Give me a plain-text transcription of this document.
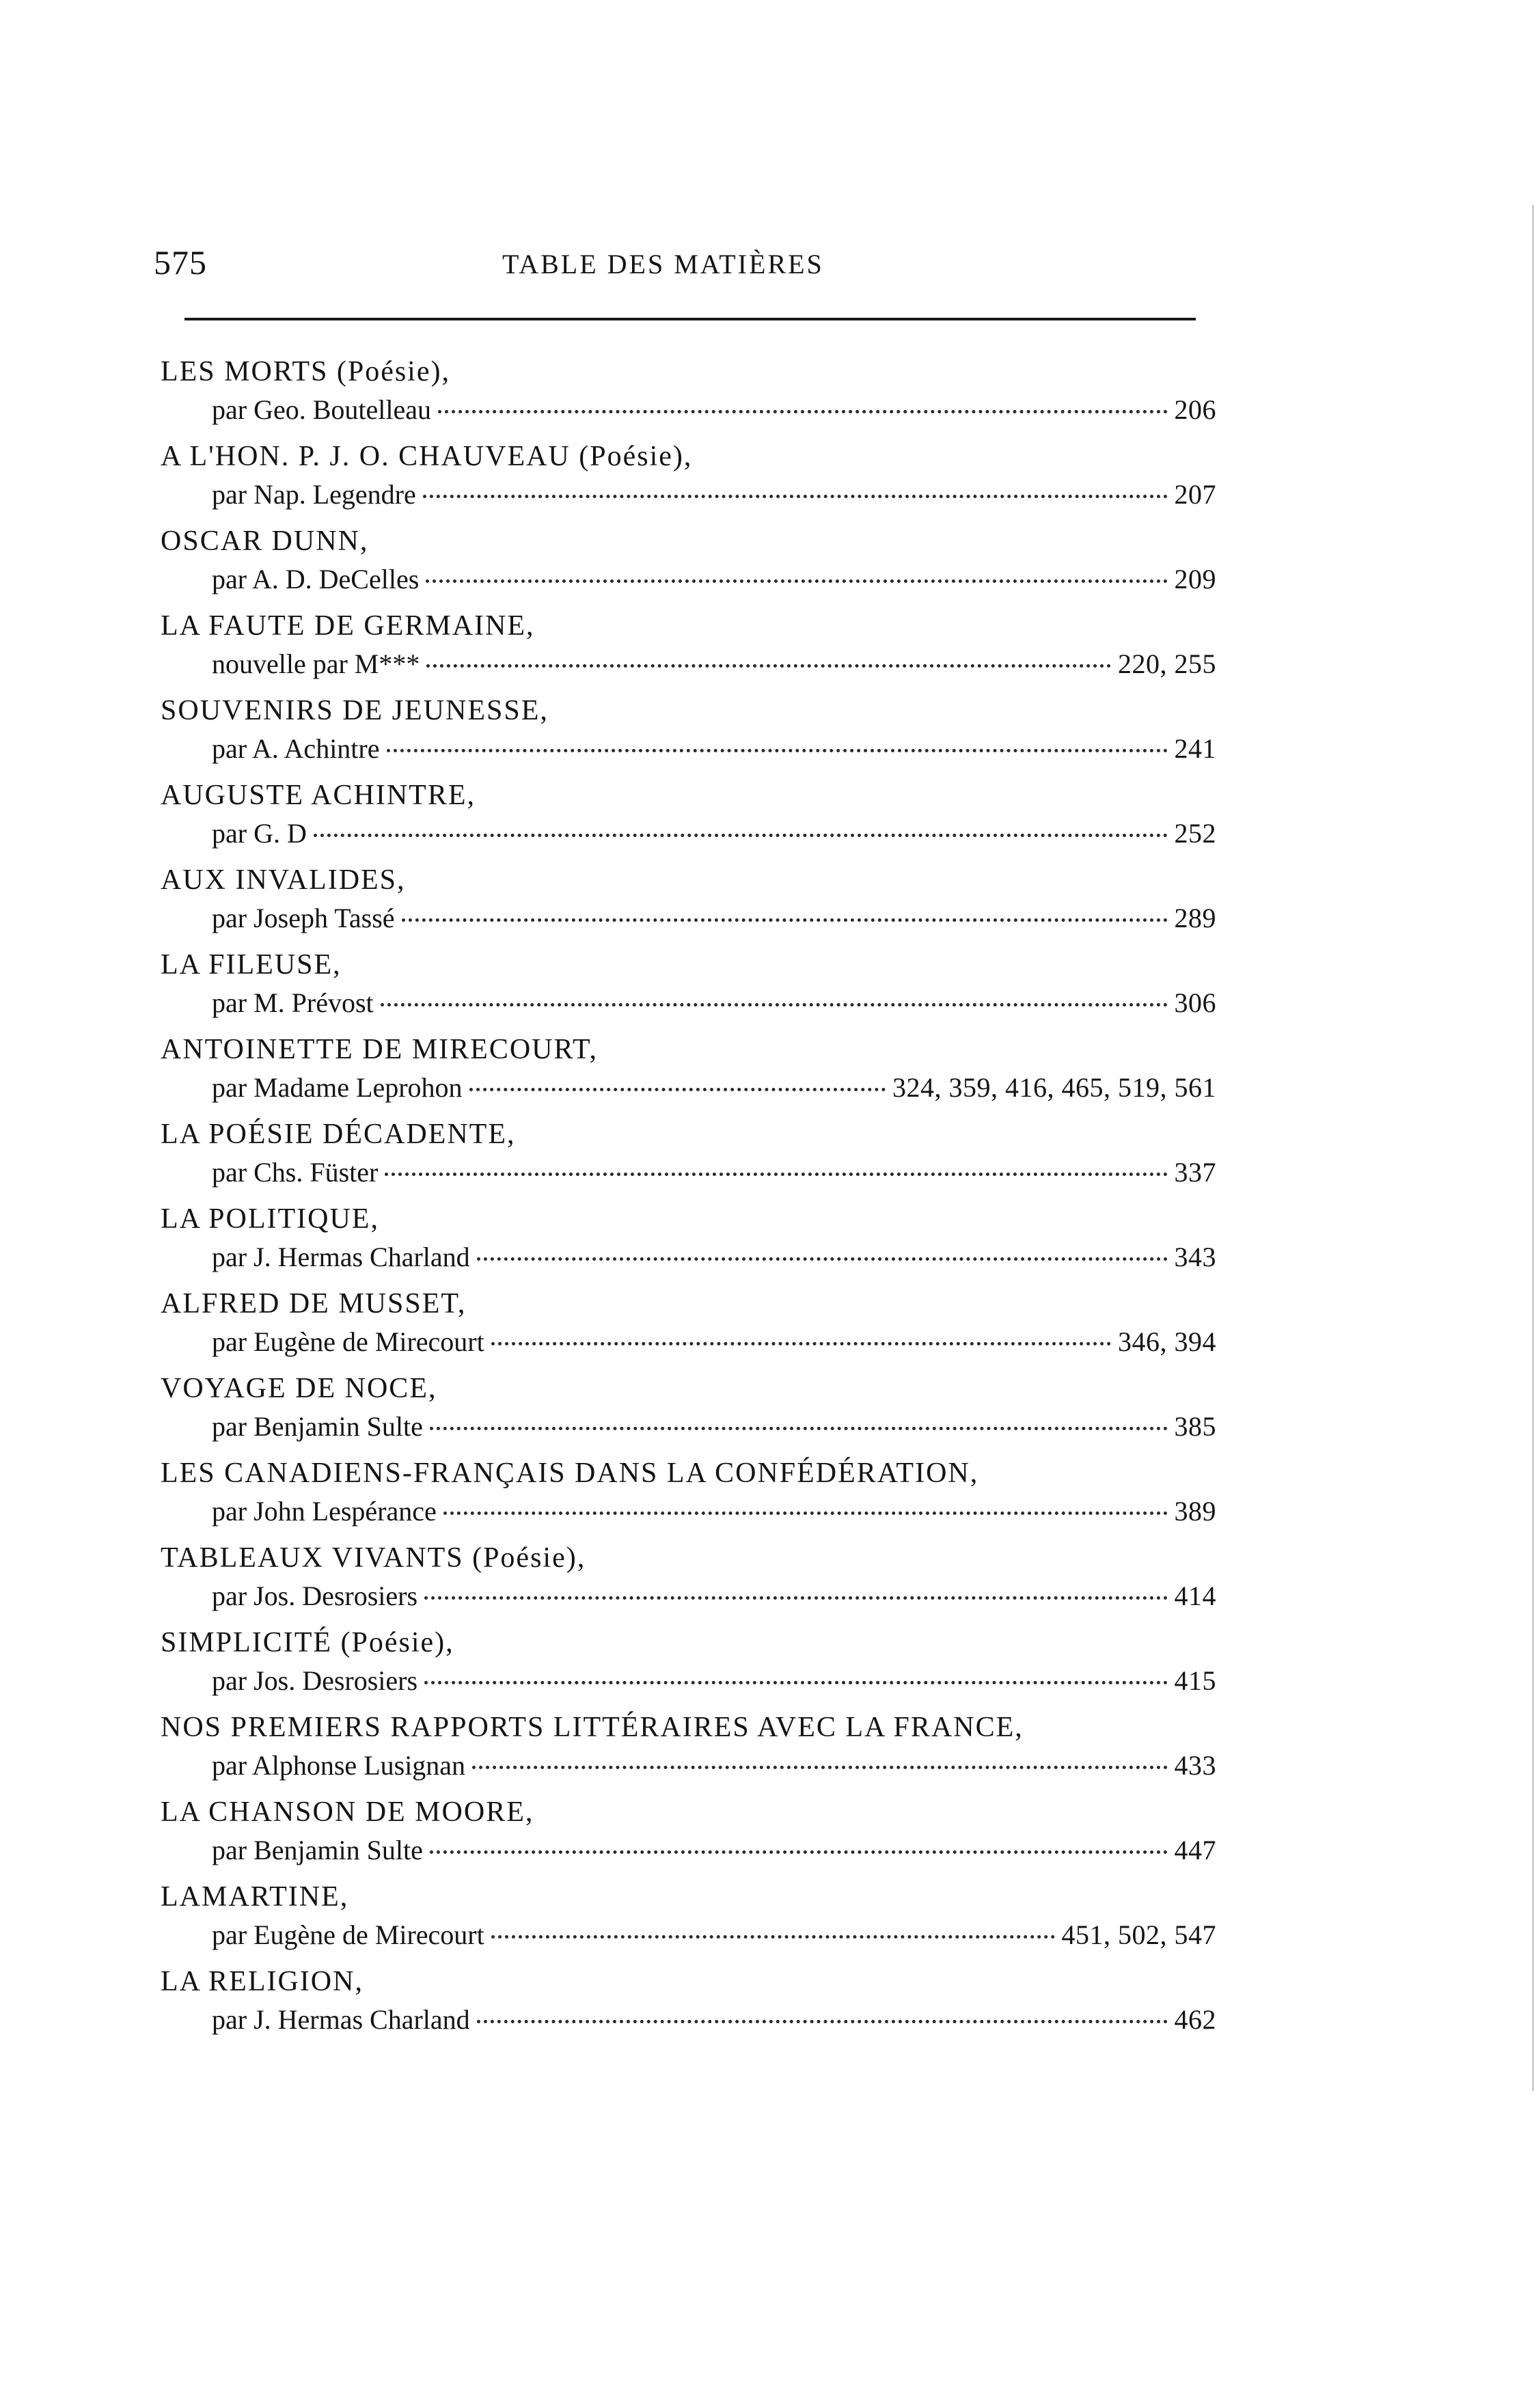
575	TABLE DES MATIÈRES
LES MORTS (Poésie),
par Geo. Boutelleau	206
A L'HON. P. J. O. CHAUVEAU (Poésie),
par Nap. Legendre	207
OSCAR DUNN,
par A. D. DeCelles	209
LA FAUTE DE GERMAINE,
nouvelle par M***	220, 255
SOUVENIRS DE JEUNESSE,
par A. Achintre	241
AUGUSTE ACHINTRE,
par G. D	252
AUX INVALIDES,
par Joseph Tassé	289
LA FILEUSE,
par M. Prévost	306
ANTOINETTE DE MIRECOURT,
par Madame Leprohon	324, 359, 416, 465, 519, 561
LA POÉSIE DÉCADENTE,
par Chs. Füster	337
LA POLITIQUE,
par J. Hermas Charland	343
ALFRED DE MUSSET,
par Eugène de Mirecourt	346, 394
VOYAGE DE NOCE,
par Benjamin Sulte	385
LES CANADIENS-FRANÇAIS DANS LA CONFÉDÉRATION,
par John Lespérance	389
TABLEAUX VIVANTS (Poésie),
par Jos. Desrosiers	414
SIMPLICITÉ (Poésie),
par Jos. Desrosiers	415
NOS PREMIERS RAPPORTS LITTÉRAIRES AVEC LA FRANCE,
par Alphonse Lusignan	433
LA CHANSON DE MOORE,
par Benjamin Sulte	447
LAMARTINE,
par Eugène de Mirecourt	451, 502, 547
LA RELIGION,
par J. Hermas Charland	462
